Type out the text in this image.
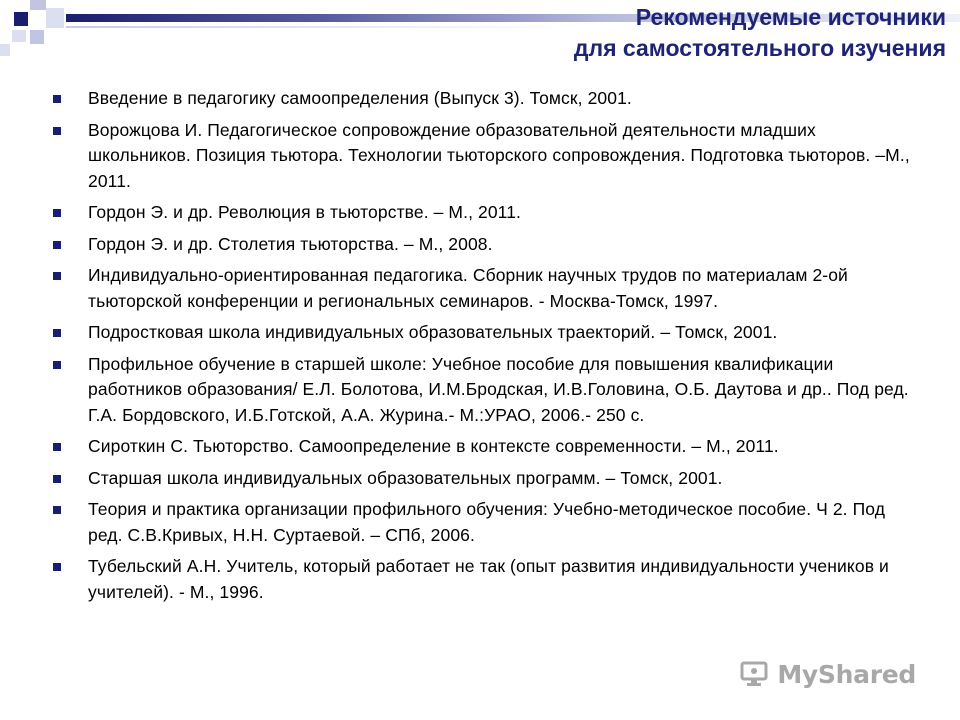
Рекомендуемые источники
для самостоятельного изучения
Введение в педагогику самоопределения (Выпуск 3). Томск, 2001.
Ворожцова И. Педагогическое сопровождение образовательной деятельности младших школьников. Позиция тьютора. Технологии тьюторского сопровождения. Подготовка тьюторов. –М., 2011.
Гордон Э. и др. Революция в тьюторстве. – М., 2011.
Гордон Э. и др. Столетия тьюторства. – М., 2008.
Индивидуально-ориентированная педагогика. Сборник научных трудов по материалам 2-ой тьюторской конференции и региональных семинаров. - Москва-Томск, 1997.
Подростковая школа индивидуальных образовательных траекторий. – Томск, 2001.
Профильное обучение в старшей школе: Учебное пособие для повышения квалификации работников образования/ Е.Л. Болотова, И.М.Бродская, И.В.Головина, О.Б. Даутова и др.. Под ред. Г.А. Бордовского, И.Б.Готской, А.А. Журина.- М.:УРАО, 2006.- 250 с.
Сироткин С. Тьюторство. Самоопределение в контексте современности. – М., 2011.
Старшая школа индивидуальных образовательных программ. – Томск, 2001.
Теория и практика организации профильного обучения: Учебно-методическое пособие. Ч 2. Под ред. С.В.Кривых, Н.Н. Суртаевой. – СПб, 2006.
Тубельский А.Н. Учитель, который работает не так (опыт развития индивидуальности учеников и учителей). - М., 1996.
MyShared
